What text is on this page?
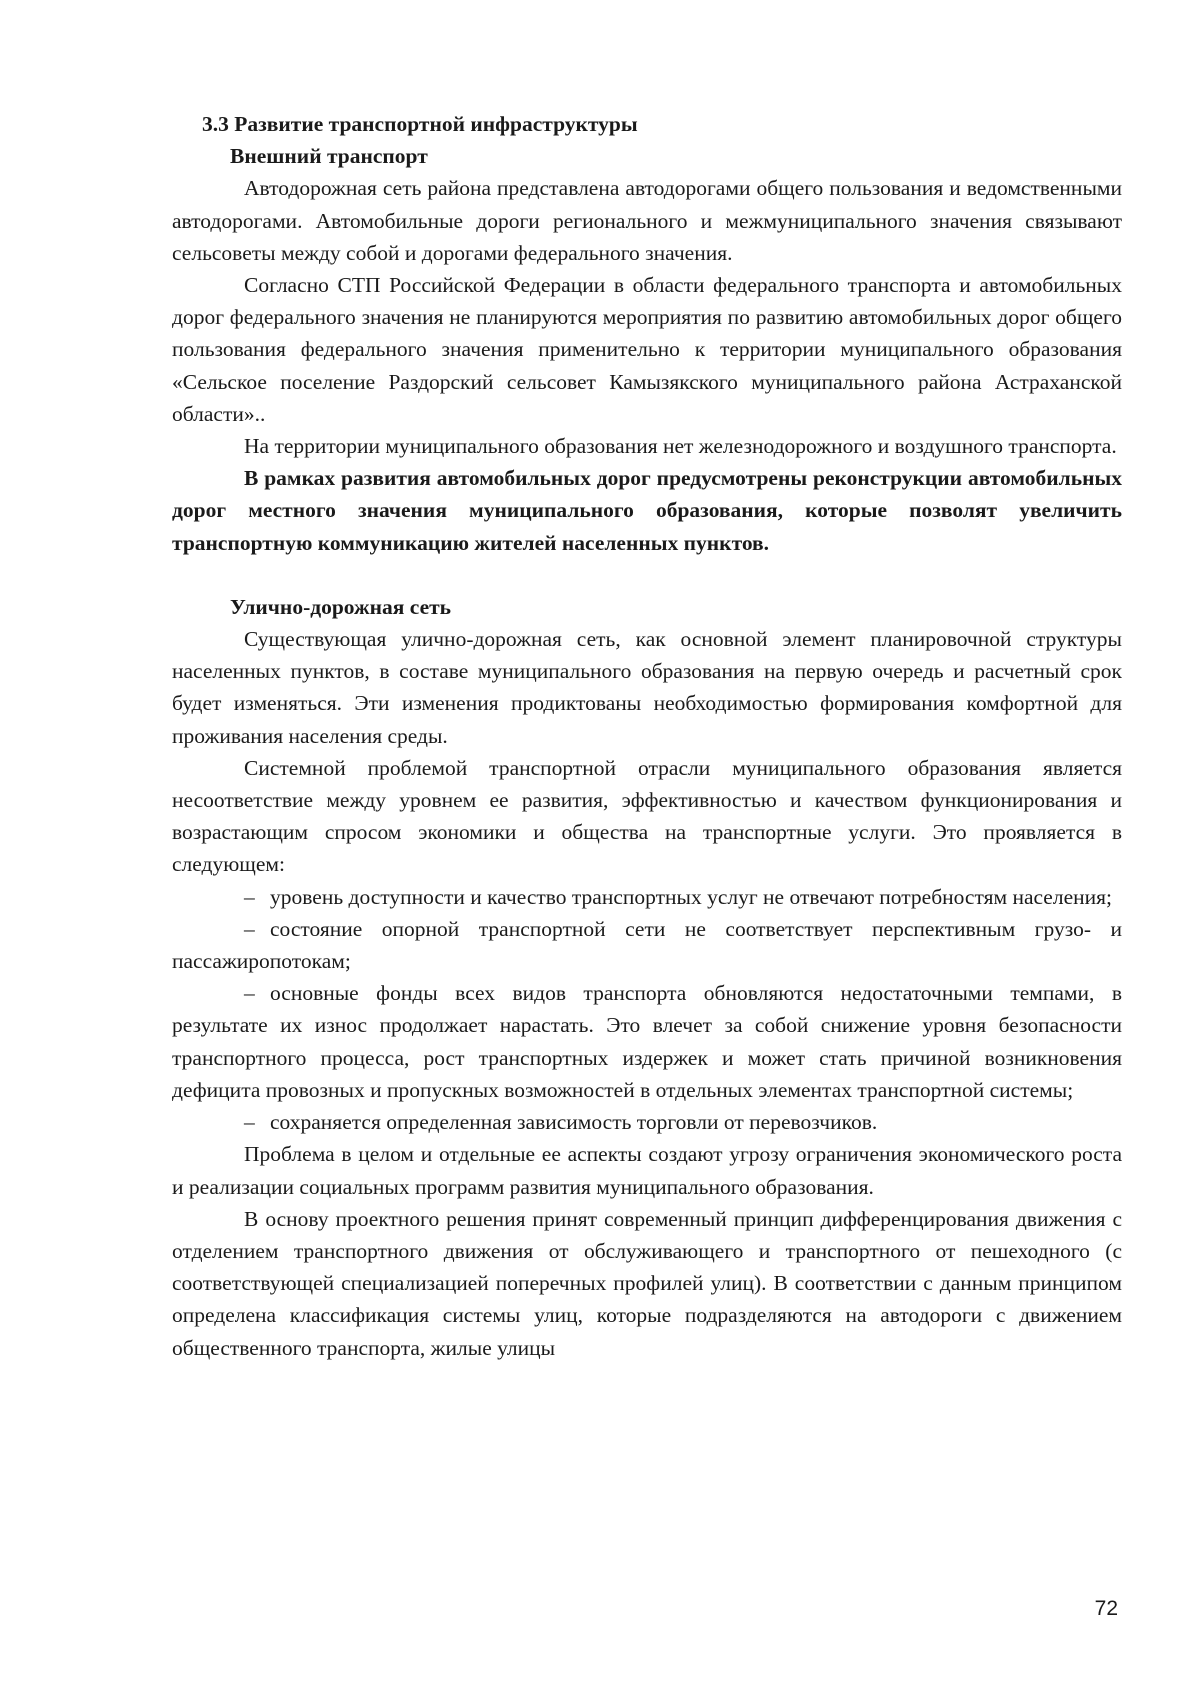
3.3 Развитие транспортной инфраструктуры
Внешний транспорт

Автодорожная сеть района представлена автодорогами общего пользования и ведомственными автодорогами. Автомобильные дороги регионального и межмуниципального значения связывают сельсоветы между собой и дорогами федерального значения.

Согласно СТП Российской Федерации в области федерального транспорта и автомобильных дорог федерального значения не планируются мероприятия по развитию автомобильных дорог общего пользования федерального значения применительно к территории муниципального образования «Сельское поселение Раздорский сельсовет Камызякского муниципального района Астраханской области»..

На территории муниципального образования нет железнодорожного и воздушного транспорта.

В рамках развития автомобильных дорог предусмотрены реконструкции автомобильных дорог местного значения муниципального образования, которые позволят увеличить транспортную коммуникацию жителей населенных пунктов.

Улично-дорожная сеть

Существующая улично-дорожная сеть, как основной элемент планировочной структуры населенных пунктов, в составе муниципального образования на первую очередь и расчетный срок будет изменяться. Эти изменения продиктованы необходимостью формирования комфортной для проживания населения среды.

Системной проблемой транспортной отрасли муниципального образования является несоответствие между уровнем ее развития, эффективностью и качеством функционирования и возрастающим спросом экономики и общества на транспортные услуги. Это проявляется в следующем:

– уровень доступности и качество транспортных услуг не отвечают потребностям населения;

– состояние опорной транспортной сети не соответствует перспективным грузо- и пассажиропотокам;

– основные фонды всех видов транспорта обновляются недостаточными темпами, в результате их износ продолжает нарастать. Это влечет за собой снижение уровня безопасности транспортного процесса, рост транспортных издержек и может стать причиной возникновения дефицита провозных и пропускных возможностей в отдельных элементах транспортной системы;

– сохраняется определенная зависимость торговли от перевозчиков.

Проблема в целом и отдельные ее аспекты создают угрозу ограничения экономического роста и реализации социальных программ развития муниципального образования.

В основу проектного решения принят современный принцип дифференцирования движения с отделением транспортного движения от обслуживающего и транспортного от пешеходного (с соответствующей специализацией поперечных профилей улиц). В соответствии с данным принципом определена классификация системы улиц, которые подразделяются на автодороги с движением общественного транспорта, жилые улицы

72
